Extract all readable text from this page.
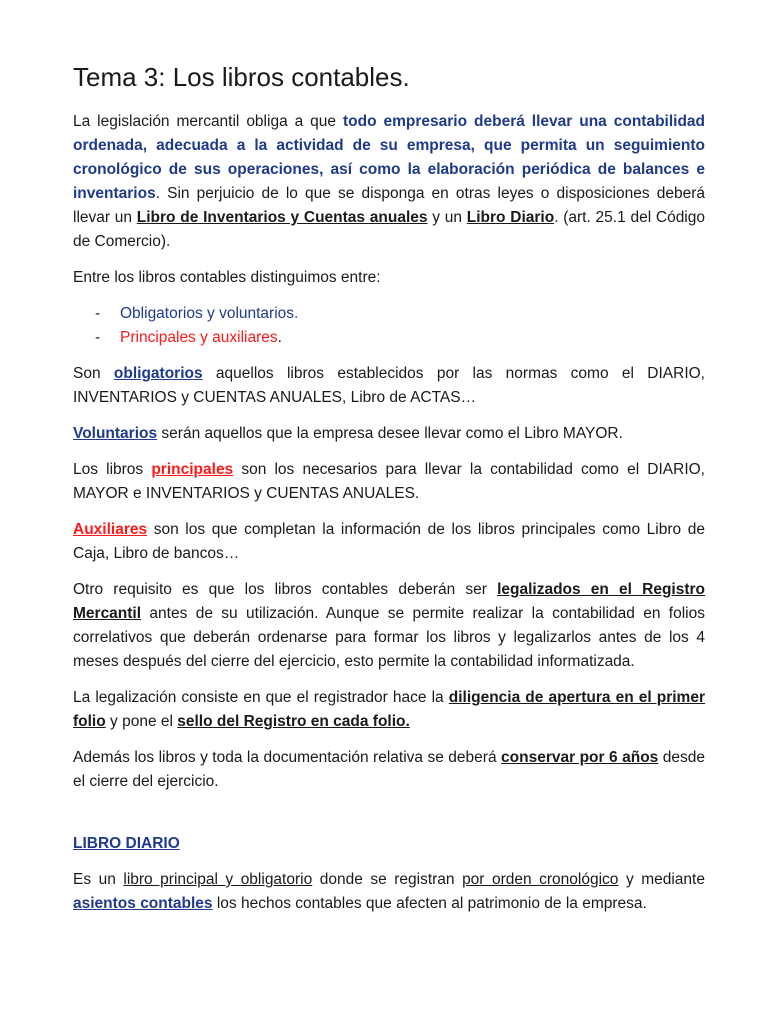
Tema 3: Los libros contables.

La legislación mercantil obliga a que todo empresario deberá llevar una contabilidad ordenada, adecuada a la actividad de su empresa, que permita un seguimiento cronológico de sus operaciones, así como la elaboración periódica de balances e inventarios. Sin perjuicio de lo que se disponga en otras leyes o disposiciones deberá llevar un Libro de Inventarios y Cuentas anuales y un Libro Diario. (art. 25.1 del Código de Comercio).

Entre los libros contables distinguimos entre:

- Obligatorios y voluntarios.
- Principales y auxiliares.

Son obligatorios aquellos libros establecidos por las normas como el DIARIO, INVENTARIOS y CUENTAS ANUALES, Libro de ACTAS…

Voluntarios serán aquellos que la empresa desee llevar como el Libro MAYOR.

Los libros principales son los necesarios para llevar la contabilidad como el DIARIO, MAYOR e INVENTARIOS y CUENTAS ANUALES.

Auxiliares son los que completan la información de los libros principales como Libro de Caja, Libro de bancos…

Otro requisito es que los libros contables deberán ser legalizados en el Registro Mercantil antes de su utilización. Aunque se permite realizar la contabilidad en folios correlativos que deberán ordenarse para formar los libros y legalizarlos antes de los 4 meses después del cierre del ejercicio, esto permite la contabilidad informatizada.

La legalización consiste en que el registrador hace la diligencia de apertura en el primer folio y pone el sello del Registro en cada folio.

Además los libros y toda la documentación relativa se deberá conservar por 6 años desde el cierre del ejercicio.

LIBRO DIARIO

Es un libro principal y obligatorio donde se registran por orden cronológico y mediante asientos contables los hechos contables que afecten al patrimonio de la empresa.
